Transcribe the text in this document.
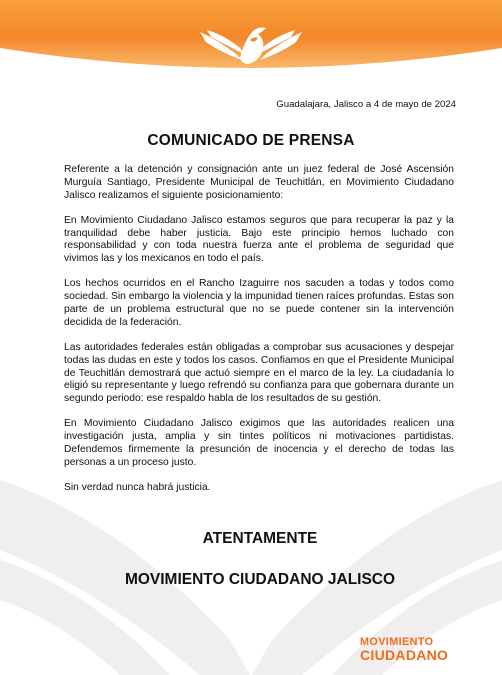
Guadalajara, Jalisco a 4 de mayo de 2024
COMUNICADO DE PRENSA

Referente a la detención y consignación ante un juez federal de José Ascensión Murguía Santiago, Presidente Municipal de Teuchitlán, en Movimiento Ciudadano Jalisco realizamos el siguiente posicionamiento:

En Movimiento Ciudadano Jalisco estamos seguros que para recuperar la paz y la tranquilidad debe haber justicia. Bajo este principio hemos luchado con responsabilidad y con toda nuestra fuerza ante el problema de seguridad que vivimos las y los mexicanos en todo el país.

Los hechos ocurridos en el Rancho Izaguirre nos sacuden a todas y todos como sociedad. Sin embargo la violencia y la impunidad tienen raíces profundas. Estas son parte de un problema estructural que no se puede contener sin la intervención decidida de la federación.

Las autoridades federales están obligadas a comprobar sus acusaciones y despejar todas las dudas en este y todos los casos. Confiamos en que el Presidente Municipal de Teuchitlán demostrará que actuó siempre en el marco de la ley. La ciudadanía lo eligió su representante y luego refrendó su confianza para que gobernara durante un segundo periodo: ese respaldo habla de los resultados de su gestión.

En Movimiento Ciudadano Jalisco exigimos que las autoridades realicen una investigación justa, amplia y sin tintes políticos ni motivaciones partidistas. Defendemos firmemente la presunción de inocencia y el derecho de todas las personas a un proceso justo.

Sin verdad nunca habrá justicia.

ATENTAMENTE
MOVIMIENTO CIUDADANO JALISCO
MOVIMIENTO
CIUDADANO
